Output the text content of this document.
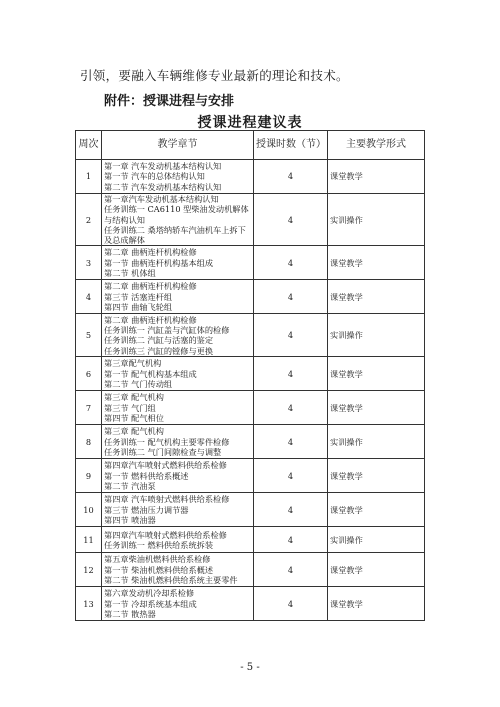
引领，要融入车辆维修专业最新的理论和技术。
附件：授课进程与安排
授课进程建议表
周次	教学章节	授课时数（节）	主要教学形式
1	第一章 汽车发动机基本结构认知
第一节 汽车的总体结构认知
第二节 汽车发动机基本结构认知	4	课堂教学
2	第一章汽车发动机基本结构认知
任务训练一 CA6110 型柴油发动机解体与结构认知
任务训练二 桑塔纳轿车汽油机车上拆下及总成解体	4	实训操作
3	第二章 曲柄连杆机构检修
第一节 曲柄连杆机构基本组成
第二节 机体组	4	课堂教学
4	第二章 曲柄连杆机构检修
第三节 活塞连杆组
第四节 曲轴飞轮组	4	课堂教学
5	第二章 曲柄连杆机构检修
任务训练一 汽缸盖与汽缸体的检修
任务训练二 汽缸与活塞的鉴定
任务训练三 汽缸的镗修与更换	4	实训操作
6	第三章配气机构
第一节 配气机构基本组成
第二节 气门传动组	4	课堂教学
7	第三章 配气机构
第三节 气门组
第四节 配气相位	4	课堂教学
8	第三章 配气机构
任务训练一 配气机构主要零件检修
任务训练二 气门间隙检查与调整	4	实训操作
9	第四章汽车喷射式燃料供给系检修
第一节 燃料供给系概述
第二节 汽油泵	4	课堂教学
10	第四章 汽车喷射式燃料供给系检修
第三节 燃油压力调节器
第四节 喷油器	4	课堂教学
11	第四章汽车喷射式燃料供给系检修
任务训练一 燃料供给系统拆装	4	实训操作
12	第五章柴油机燃料供给系检修
第一节 柴油机燃料供给系概述
第二节 柴油机燃料供给系统主要零件	4	课堂教学
13	第六章发动机冷却系检修
第一节 冷却系统基本组成
第二节 散热器	4	课堂教学
- 5 -
